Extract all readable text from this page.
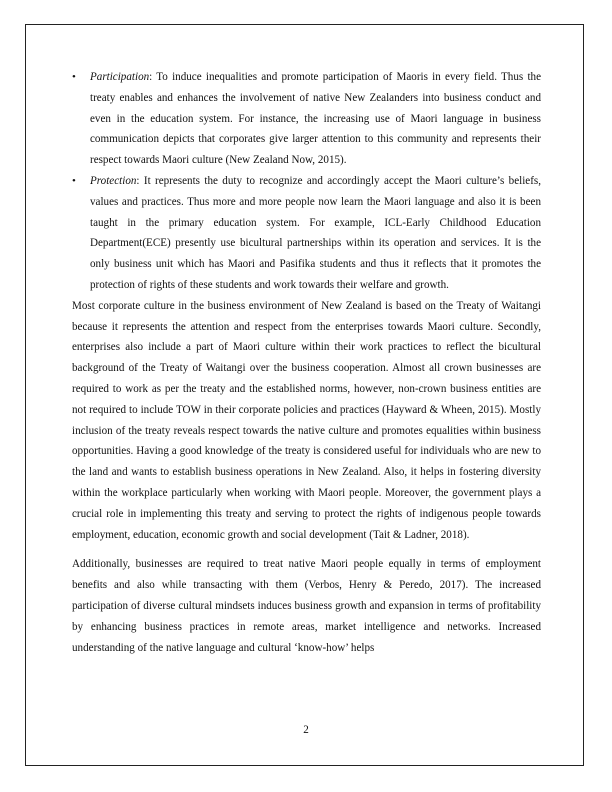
•	Participation: To induce inequalities and promote participation of Maoris in every field. Thus the treaty enables and enhances the involvement of native New Zealanders into business conduct and even in the education system. For instance, the increasing use of Maori language in business communication depicts that corporates give larger attention to this community and represents their respect towards Maori culture (New Zealand Now, 2015).
•	Protection: It represents the duty to recognize and accordingly accept the Maori culture’s beliefs, values and practices. Thus more and more people now learn the Maori language and also it is been taught in the primary education system. For example, ICL-Early Childhood Education Department(ECE) presently use bicultural partnerships within its operation and services. It is the only business unit which has Maori and Pasifika students and thus it reflects that it promotes the protection of rights of these students and work towards their welfare and growth.

Most corporate culture in the business environment of New Zealand is based on the Treaty of Waitangi because it represents the attention and respect from the enterprises towards Maori culture. Secondly, enterprises also include a part of Maori culture within their work practices to reflect the bicultural background of the Treaty of Waitangi over the business cooperation. Almost all crown businesses are required to work as per the treaty and the established norms, however, non-crown business entities are not required to include TOW in their corporate policies and practices (Hayward & Wheen, 2015). Mostly inclusion of the treaty reveals respect towards the native culture and promotes equalities within business opportunities. Having a good knowledge of the treaty is considered useful for individuals who are new to the land and wants to establish business operations in New Zealand. Also, it helps in fostering diversity within the workplace particularly when working with Maori people. Moreover, the government plays a crucial role in implementing this treaty and serving to protect the rights of indigenous people towards employment, education, economic growth and social development (Tait & Ladner, 2018).

Additionally, businesses are required to treat native Maori people equally in terms of employment benefits and also while transacting with them (Verbos, Henry & Peredo, 2017). The increased participation of diverse cultural mindsets induces business growth and expansion in terms of profitability by enhancing business practices in remote areas, market intelligence and networks. Increased understanding of the native language and cultural ‘know-how’ helps

2
